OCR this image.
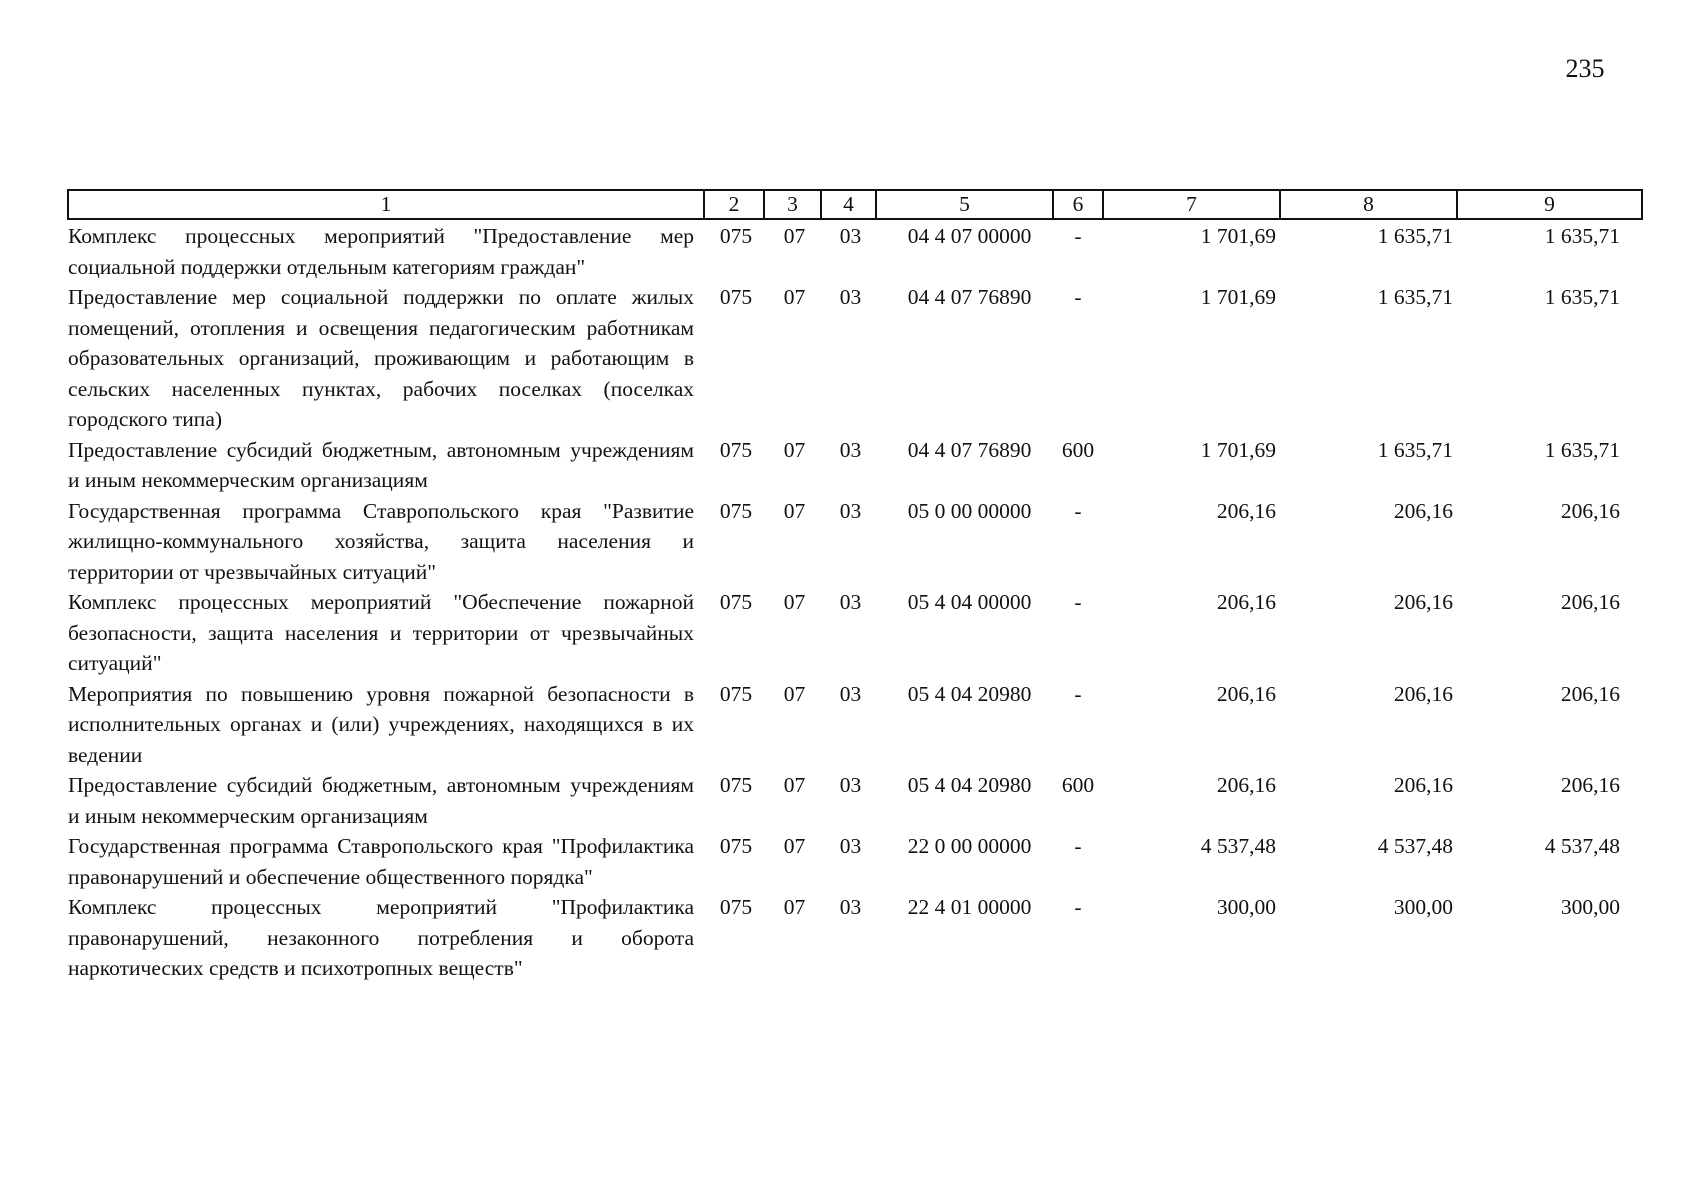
235
1	2	3	4	5	6	7	8	9
Комплекс процессных мероприятий "Предоставление мер социальной поддержки отдельным категориям граждан"	075	07	03	04 4 07 00000	-	1 701,69	1 635,71	1 635,71
Предоставление мер социальной поддержки по оплате жилых помещений, отопления и освещения педагогическим работникам образовательных организаций, проживающим и работающим в сельских населенных пунктах, рабочих поселках (поселках городского типа)	075	07	03	04 4 07 76890	-	1 701,69	1 635,71	1 635,71
Предоставление субсидий бюджетным, автономным учреждениям и иным некоммерческим организациям	075	07	03	04 4 07 76890	600	1 701,69	1 635,71	1 635,71
Государственная программа Ставропольского края "Развитие жилищно-коммунального хозяйства, защита населения и территории от чрезвычайных ситуаций"	075	07	03	05 0 00 00000	-	206,16	206,16	206,16
Комплекс процессных мероприятий "Обеспечение пожарной безопасности, защита населения и территории от чрезвычайных ситуаций"	075	07	03	05 4 04 00000	-	206,16	206,16	206,16
Мероприятия по повышению уровня пожарной безопасности в исполнительных органах и (или) учреждениях, находящихся в их ведении	075	07	03	05 4 04 20980	-	206,16	206,16	206,16
Предоставление субсидий бюджетным, автономным учреждениям и иным некоммерческим организациям	075	07	03	05 4 04 20980	600	206,16	206,16	206,16
Государственная программа Ставропольского края "Профилактика правонарушений и обеспечение общественного порядка"	075	07	03	22 0 00 00000	-	4 537,48	4 537,48	4 537,48
Комплекс процессных мероприятий "Профилактика правонарушений, незаконного потребления и оборота наркотических средств и психотропных веществ"	075	07	03	22 4 01 00000	-	300,00	300,00	300,00
